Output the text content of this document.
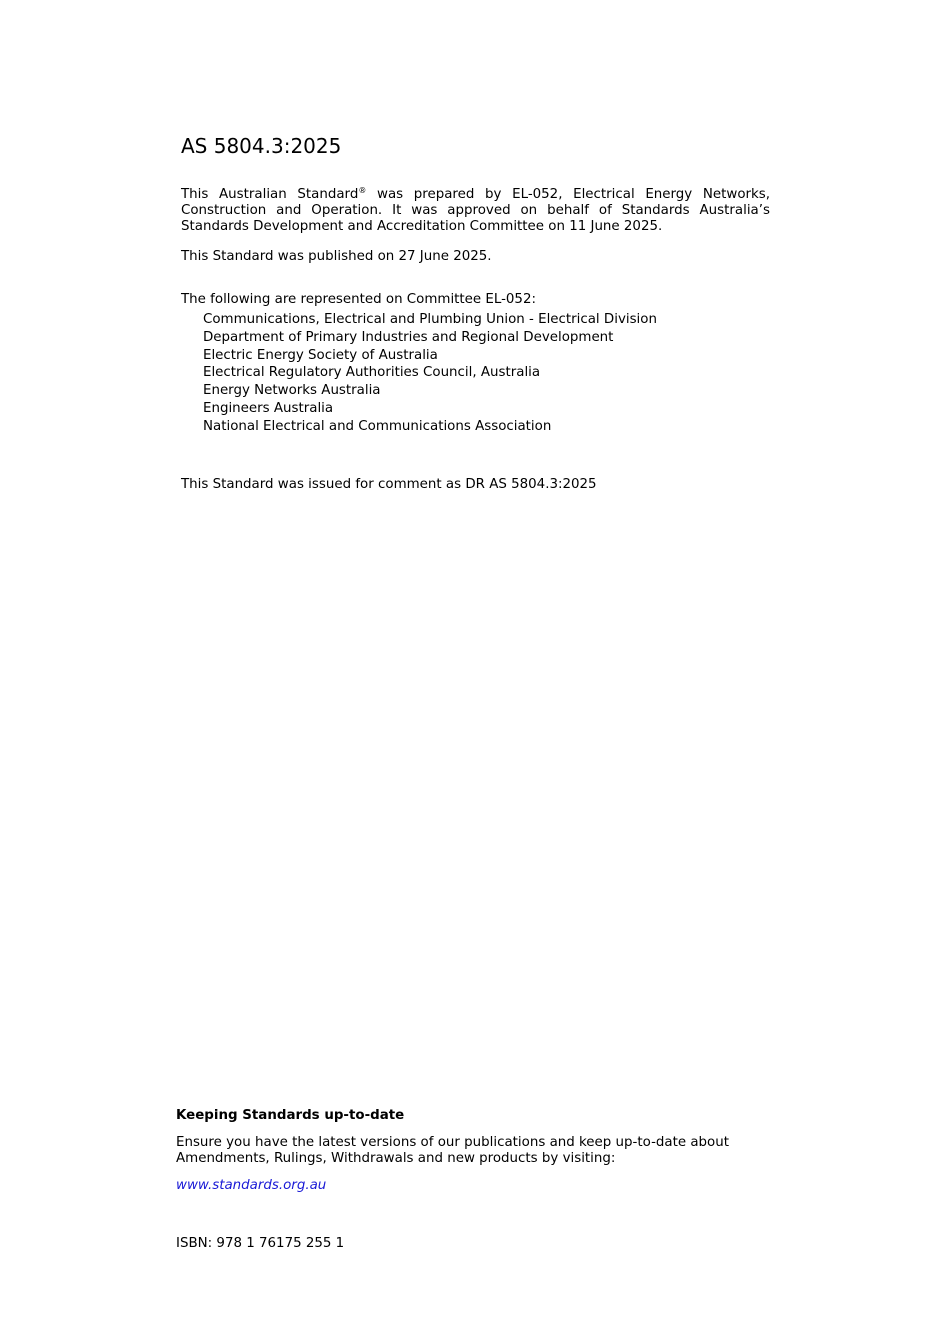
AS 5804.3:2025

This Australian Standard® was prepared by EL-052, Electrical Energy Networks, Construction and Operation. It was approved on behalf of Standards Australia’s Standards Development and Accreditation Committee on 11 June 2025.

This Standard was published on 27 June 2025.

The following are represented on Committee EL-052:

Communications, Electrical and Plumbing Union - Electrical Division
Department of Primary Industries and Regional Development
Electric Energy Society of Australia
Electrical Regulatory Authorities Council, Australia
Energy Networks Australia
Engineers Australia
National Electrical and Communications Association

This Standard was issued for comment as DR AS 5804.3:2025

Keeping Standards up-to-date

Ensure you have the latest versions of our publications and keep up-to-date about Amendments, Rulings, Withdrawals and new products by visiting:

www.standards.org.au

ISBN: 978 1 76175 255 1
